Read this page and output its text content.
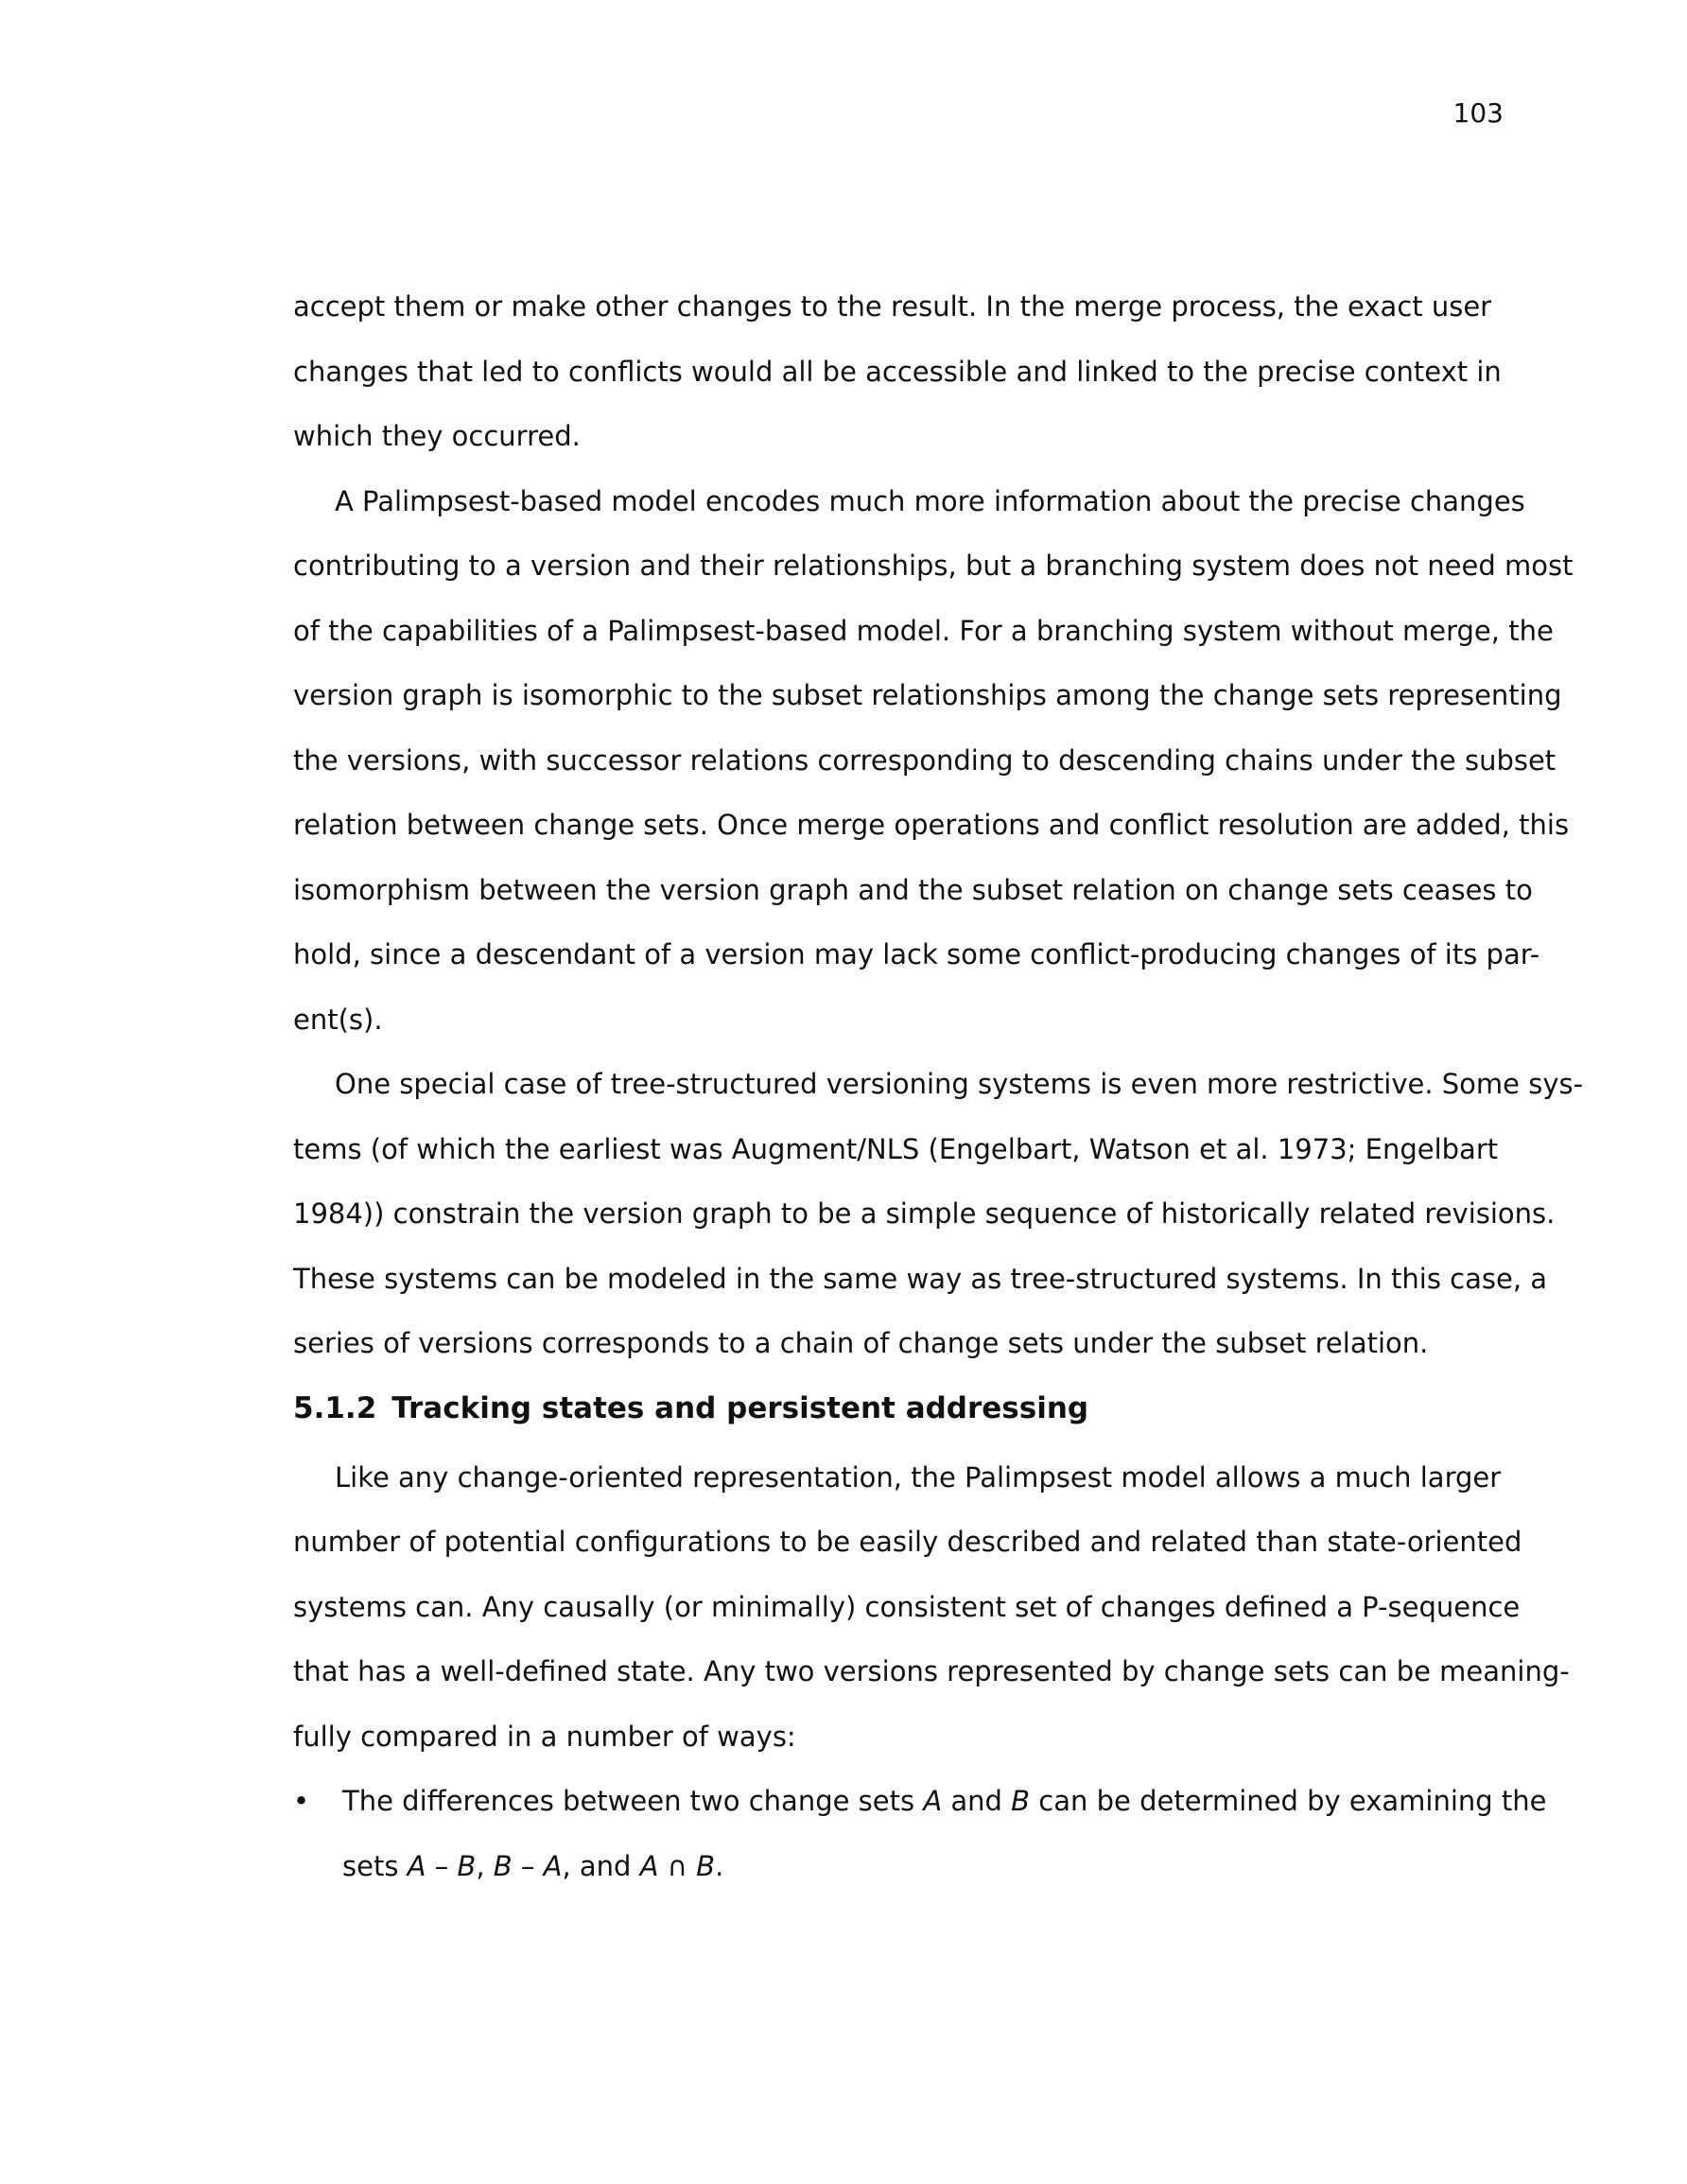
103
accept them or make other changes to the result. In the merge process, the exact user
changes that led to conflicts would all be accessible and linked to the precise context in
which they occurred.
A Palimpsest-based model encodes much more information about the precise changes
contributing to a version and their relationships, but a branching system does not need most
of the capabilities of a Palimpsest-based model. For a branching system without merge, the
version graph is isomorphic to the subset relationships among the change sets representing
the versions, with successor relations corresponding to descending chains under the subset
relation between change sets. Once merge operations and conflict resolution are added, this
isomorphism between the version graph and the subset relation on change sets ceases to
hold, since a descendant of a version may lack some conflict-producing changes of its par-
ent(s).
One special case of tree-structured versioning systems is even more restrictive. Some sys-
tems (of which the earliest was Augment/NLS (Engelbart, Watson et al. 1973; Engelbart
1984)) constrain the version graph to be a simple sequence of historically related revisions.
These systems can be modeled in the same way as tree-structured systems. In this case, a
series of versions corresponds to a chain of change sets under the subset relation.
5.1.2 Tracking states and persistent addressing
Like any change-oriented representation, the Palimpsest model allows a much larger
number of potential configurations to be easily described and related than state-oriented
systems can. Any causally (or minimally) consistent set of changes defined a P-sequence
that has a well-defined state. Any two versions represented by change sets can be meaning-
fully compared in a number of ways:
• The differences between two change sets A and B can be determined by examining the
sets A – B, B – A, and A ∩ B.
